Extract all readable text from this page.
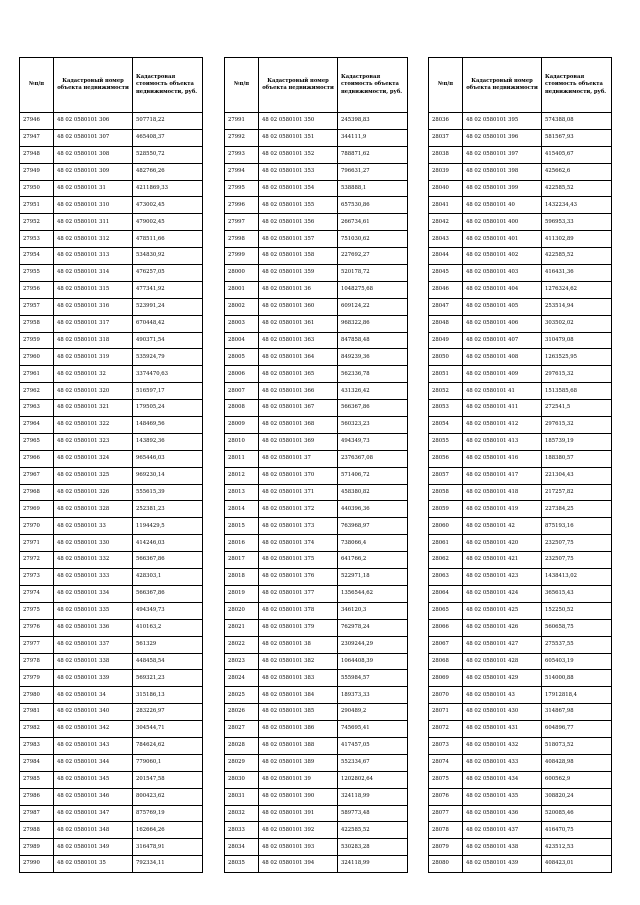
№п/п	Кадастровый номер объекта недвижимости	Кадастровая стоимость объекта недвижимости, руб.
27946	48 02 0580101 306	507718,22
27947	48 02 0580101 307	465408,37
27948	48 02 0580101 308	528550,72
27949	48 02 0580101 309	482766,26
27950	48 02 0580101 31	4211869,33
27951	48 02 0580101 310	473002,45
27952	48 02 0580101 311	479002,45
27953	48 02 0580101 312	478511,66
27954	48 02 0580101 313	534830,92
27955	48 02 0580101 314	476257,05
27956	48 02 0580101 315	477341,92
27957	48 02 0580101 316	523991,24
27958	48 02 0580101 317	670448,42
27959	48 02 0580101 318	490371,54
27960	48 02 0580101 319	535924,79
27961	48 02 0580101 32	3374470,63
27962	48 02 0580101 320	516597,17
27963	48 02 0580101 321	179505,24
27964	48 02 0580101 322	148469,56
27965	48 02 0580101 323	143892,36
27966	48 02 0580101 324	965446,03
27967	48 02 0580101 325	969230,14
27968	48 02 0580101 326	555615,39
27969	48 02 0580101 328	252381,23
27970	48 02 0580101 33	1194429,5
27971	48 02 0580101 330	414246,03
27972	48 02 0580101 332	566367,86
27973	48 02 0580101 333	428303,1
27974	48 02 0580101 334	566367,86
27975	48 02 0580101 335	494349,73
27976	48 02 0580101 336	410163,2
27977	48 02 0580101 337	561329
27978	48 02 0580101 338	448458,54
27979	48 02 0580101 339	569321,23
27980	48 02 0580101 34	315186,13
27981	48 02 0580101 340	283226,97
27982	48 02 0580101 342	304544,71
27983	48 02 0580101 343	784624,62
27984	48 02 0580101 344	779060,1
27985	48 02 0580101 345	201547,58
27986	48 02 0580101 346	800423,62
27987	48 02 0580101 347	875769,19
27988	48 02 0580101 348	162664,26
27989	48 02 0580101 349	316478,91
27990	48 02 0580101 35	792334,11
№п/п	Кадастровый номер объекта недвижимости	Кадастровая стоимость объекта недвижимости, руб.
27991	48 02 0580101 350	245398,83
27992	48 02 0580101 351	344111,9
27993	48 02 0580101 352	788871,62
27994	48 02 0580101 353	796631,27
27995	48 02 0580101 354	538888,1
27996	48 02 0580101 355	657530,86
27997	48 02 0580101 356	266734,61
27998	48 02 0580101 357	751030,62
27999	48 02 0580101 358	227692,27
28000	48 02 0580101 359	520178,72
28001	48 02 0580101 36	1048275,68
28002	48 02 0580101 360	609124,22
28003	48 02 0580101 361	968322,86
28004	48 02 0580101 363	847858,48
28005	48 02 0580101 364	849239,36
28006	48 02 0580101 365	562336,78
28007	48 02 0580101 366	431326,42
28008	48 02 0580101 367	566367,86
28009	48 02 0580101 368	560323,23
28010	48 02 0580101 369	494349,73
28011	48 02 0580101 37	2376367,08
28012	48 02 0580101 370	571406,72
28013	48 02 0580101 371	458380,82
28014	48 02 0580101 372	440396,36
28015	48 02 0580101 373	763968,97
28016	48 02 0580101 374	738066,4
28017	48 02 0580101 375	641766,2
28018	48 02 0580101 376	522971,18
28019	48 02 0580101 377	1356544,62
28020	48 02 0580101 378	346120,3
28021	48 02 0580101 379	762978,24
28022	48 02 0580101 38	2309244,29
28023	48 02 0580101 382	1064408,39
28024	48 02 0580101 383	555984,57
28025	48 02 0580101 384	189373,33
28026	48 02 0580101 385	290489,2
28027	48 02 0580101 386	745695,41
28028	48 02 0580101 388	417457,05
28029	48 02 0580101 389	552334,67
28030	48 02 0580101 39	1202802,64
28031	48 02 0580101 390	324118,99
28032	48 02 0580101 391	589773,48
28033	48 02 0580101 392	422585,52
28034	48 02 0580101 393	530283,28
28035	48 02 0580101 394	324118,99
№п/п	Кадастровый номер объекта недвижимости	Кадастровая стоимость объекта недвижимости, руб.
28036	48 02 0580101 395	574388,08
28037	48 02 0580101 396	581567,93
28038	48 02 0580101 397	415405,67
28039	48 02 0580101 398	425662,6
28040	48 02 0580101 399	422585,52
28041	48 02 0580101 40	1432234,43
28042	48 02 0580101 400	596953,33
28043	48 02 0580101 401	411302,89
28044	48 02 0580101 402	422585,52
28045	48 02 0580101 403	416431,36
28046	48 02 0580101 404	1276324,62
28047	48 02 0580101 405	253514,94
28048	48 02 0580101 406	303502,02
28049	48 02 0580101 407	310479,08
28050	48 02 0580101 408	1263525,95
28051	48 02 0580101 409	297615,32
28052	48 02 0580101 41	1513585,68
28053	48 02 0580101 411	272541,5
28054	48 02 0580101 412	297615,32
28055	48 02 0580101 413	185739,19
28056	48 02 0580101 416	188380,57
28057	48 02 0580101 417	221304,43
28058	48 02 0580101 418	217257,82
28059	48 02 0580101 419	227384,25
28060	48 02 0580101 42	875193,16
28061	48 02 0580101 420	232507,75
28062	48 02 0580101 421	232507,75
28063	48 02 0580101 423	1438413,02
28064	48 02 0580101 424	365615,43
28065	48 02 0580101 425	152250,52
28066	48 02 0580101 426	560658,75
28067	48 02 0580101 427	275537,55
28068	48 02 0580101 428	605403,19
28069	48 02 0580101 429	514000,88
28070	48 02 0580101 43	17912818,4
28071	48 02 0580101 430	314867,98
28072	48 02 0580101 431	604896,77
28073	48 02 0580101 432	518073,52
28074	48 02 0580101 433	408428,98
28075	48 02 0580101 434	600562,9
28076	48 02 0580101 435	308820,24
28077	48 02 0580101 436	520085,46
28078	48 02 0580101 437	416470,75
28079	48 02 0580101 438	423512,53
28080	48 02 0580101 439	408423,01
